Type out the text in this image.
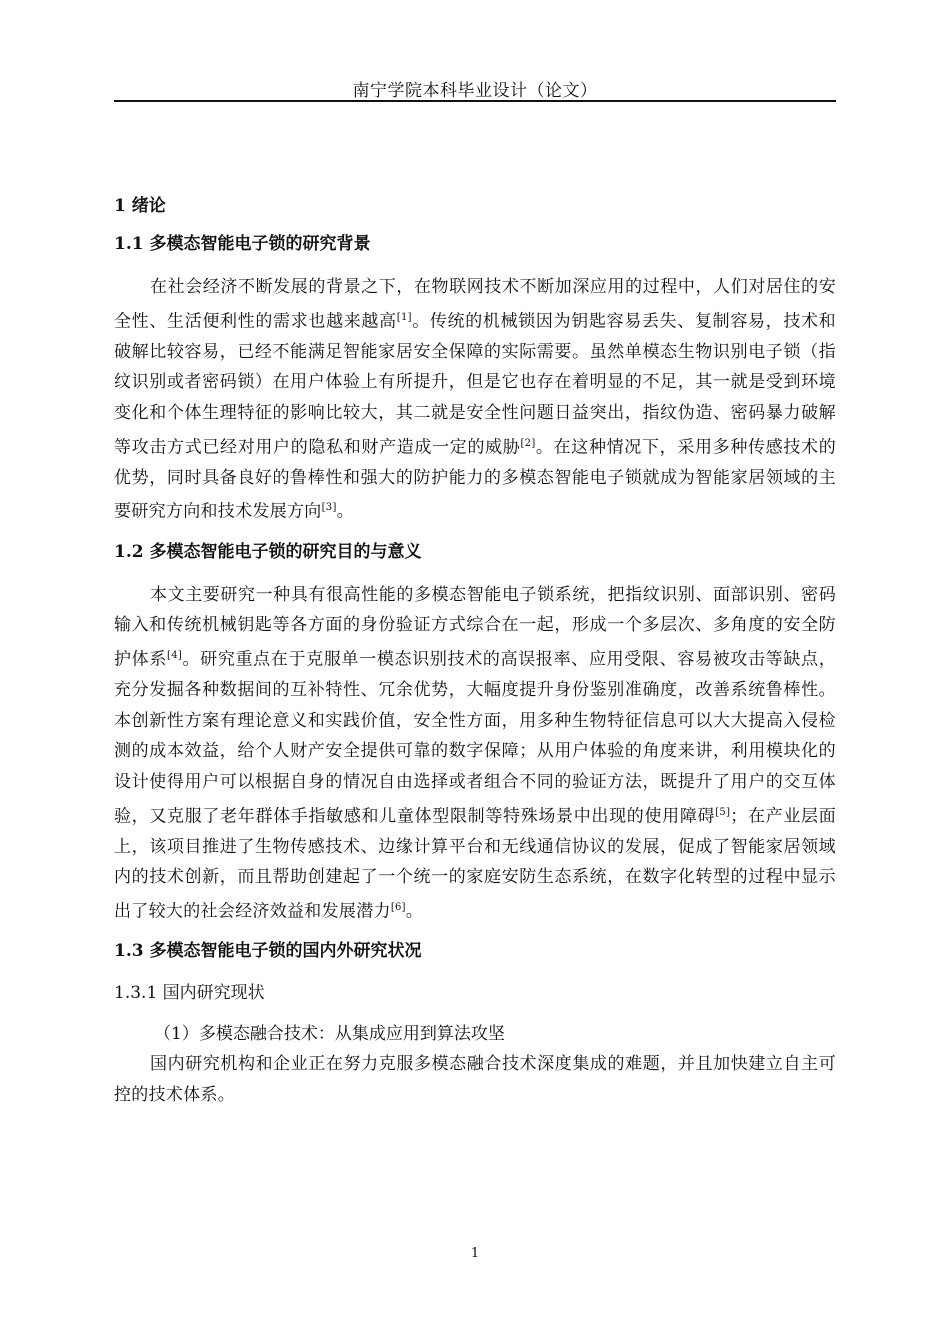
南宁学院本科毕业设计（论文）
1 绪论
1.1 多模态智能电子锁的研究背景

在社会经济不断发展的背景之下，在物联网技术不断加深应用的过程中，人们对居住的安全性、生活便利性的需求也越来越高[1]。传统的机械锁因为钥匙容易丢失、复制容易，技术和破解比较容易，已经不能满足智能家居安全保障的实际需要。虽然单模态生物识别电子锁（指纹识别或者密码锁）在用户体验上有所提升，但是它也存在着明显的不足，其一就是受到环境变化和个体生理特征的影响比较大，其二就是安全性问题日益突出，指纹伪造、密码暴力破解等攻击方式已经对用户的隐私和财产造成一定的威胁[2]。在这种情况下，采用多种传感技术的优势，同时具备良好的鲁棒性和强大的防护能力的多模态智能电子锁就成为智能家居领域的主要研究方向和技术发展方向[3]。

1.2 多模态智能电子锁的研究目的与意义

本文主要研究一种具有很高性能的多模态智能电子锁系统，把指纹识别、面部识别、密码输入和传统机械钥匙等各方面的身份验证方式综合在一起，形成一个多层次、多角度的安全防护体系[4]。研究重点在于克服单一模态识别技术的高误报率、应用受限、容易被攻击等缺点，充分发掘各种数据间的互补特性、冗余优势，大幅度提升身份鉴别准确度，改善系统鲁棒性。本创新性方案有理论意义和实践价值，安全性方面，用多种生物特征信息可以大大提高入侵检测的成本效益，给个人财产安全提供可靠的数字保障；从用户体验的角度来讲，利用模块化的设计使得用户可以根据自身的情况自由选择或者组合不同的验证方法，既提升了用户的交互体验，又克服了老年群体手指敏感和儿童体型限制等特殊场景中出现的使用障碍[5]；在产业层面上，该项目推进了生物传感技术、边缘计算平台和无线通信协议的发展，促成了智能家居领域内的技术创新，而且帮助创建起了一个统一的家庭安防生态系统，在数字化转型的过程中显示出了较大的社会经济效益和发展潜力[6]。

1.3 多模态智能电子锁的国内外研究状况
1.3.1 国内研究现状
（1）多模态融合技术：从集成应用到算法攻坚

国内研究机构和企业正在努力克服多模态融合技术深度集成的难题，并且加快建立自主可控的技术体系。

1
